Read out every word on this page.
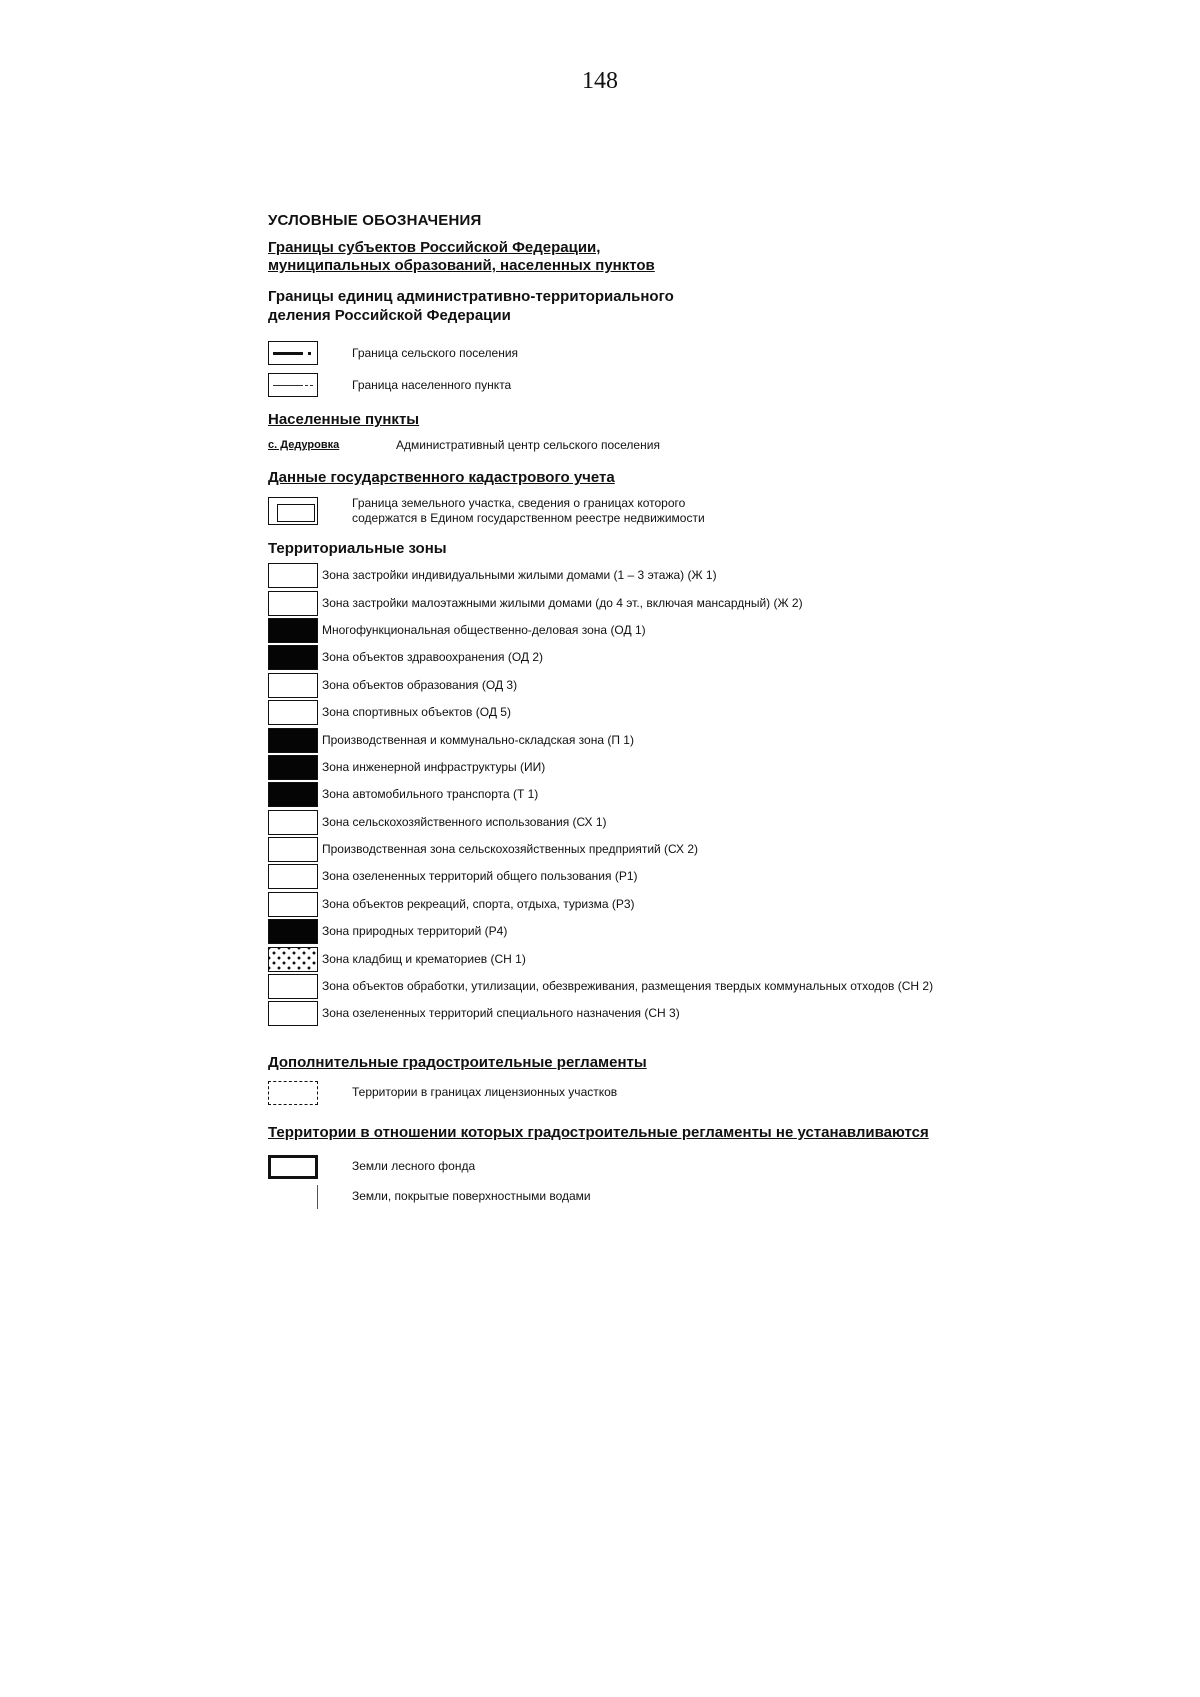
148
УСЛОВНЫЕ ОБОЗНАЧЕНИЯ
Границы субъектов Российской Федерации,
муниципальных образований, населенных пунктов
Границы единиц административно-территориального
деления Российской Федерации
Граница сельского поселения
Граница населенного пункта
Населенные пункты
с. Дедуровка	Административный центр сельского поселения
Данные государственного кадастрового учета
Граница земельного участка, сведения о границах которого
содержатся в Едином государственном реестре недвижимости
Территориальные зоны
Зона застройки индивидуальными жилыми домами (1 – 3 этажа) (Ж 1)
Зона застройки малоэтажными жилыми домами (до 4 эт., включая мансардный) (Ж 2)
Многофункциональная общественно-деловая зона (ОД 1)
Зона объектов здравоохранения (ОД 2)
Зона объектов образования (ОД 3)
Зона спортивных объектов (ОД 5)
Производственная и коммунально-складская зона (П 1)
Зона инженерной инфраструктуры (ИИ)
Зона автомобильного транспорта (Т 1)
Зона сельскохозяйственного использования (СХ 1)
Производственная зона сельскохозяйственных предприятий (СХ 2)
Зона озелененных территорий общего пользования (Р1)
Зона объектов рекреаций, спорта, отдыха, туризма (Р3)
Зона природных территорий (Р4)
Зона кладбищ и крематориев (СН 1)
Зона объектов обработки, утилизации, обезвреживания, размещения твердых коммунальных отходов (СН 2)
Зона озелененных территорий специального назначения (СН 3)
Дополнительные градостроительные регламенты
Территории в границах лицензионных участков
Территории в отношении которых градостроительные регламенты не устанавливаются
Земли лесного фонда
Земли, покрытые поверхностными водами
